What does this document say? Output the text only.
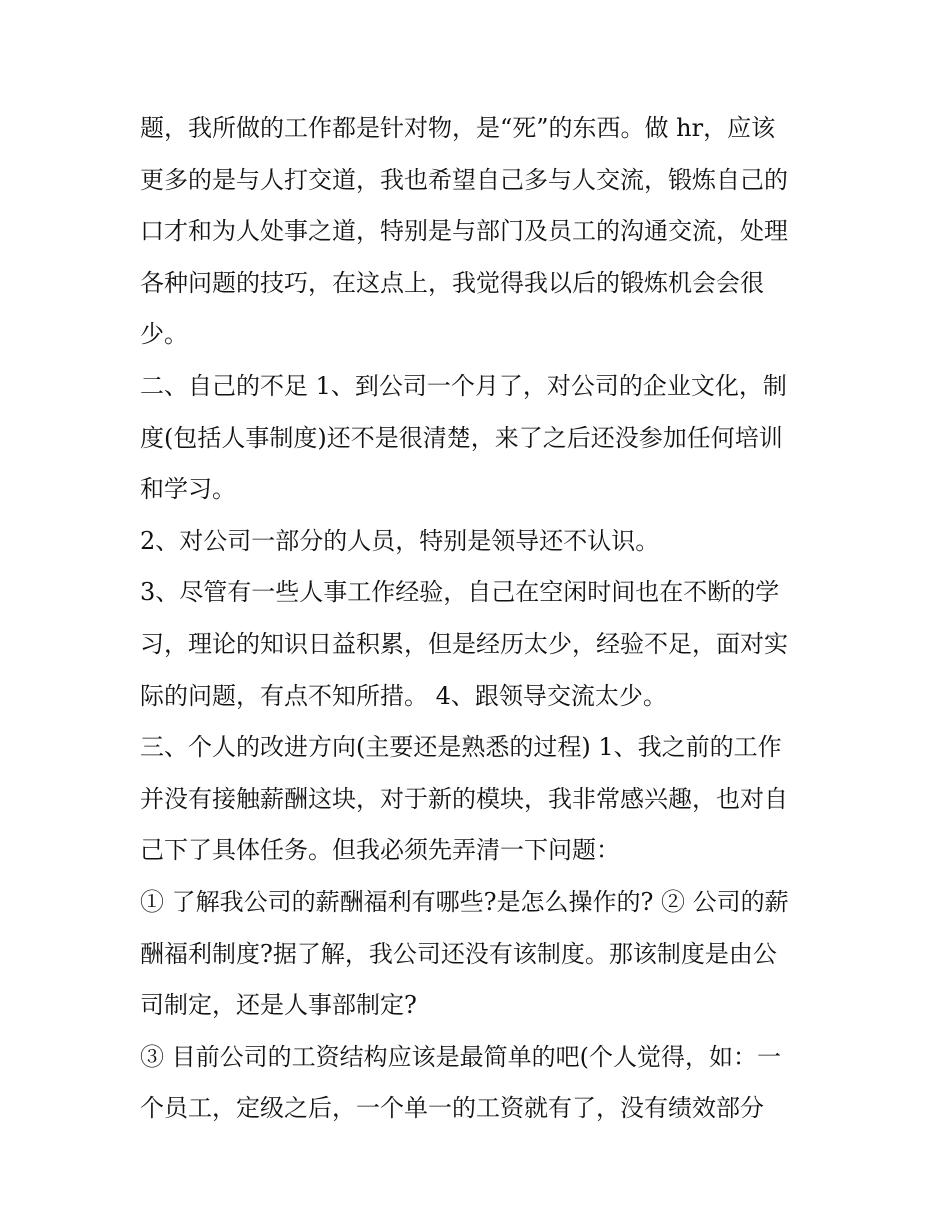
题，我所做的工作都是针对物，是“死”的东西。做 hr，应该
更多的是与人打交道，我也希望自己多与人交流，锻炼自己的
口才和为人处事之道，特别是与部门及员工的沟通交流，处理
各种问题的技巧，在这点上，我觉得我以后的锻炼机会会很
少。
二、自己的不足 1、到公司一个月了，对公司的企业文化，制
度(包括人事制度)还不是很清楚，来了之后还没参加任何培训
和学习。
2、对公司一部分的人员，特别是领导还不认识。
3、尽管有一些人事工作经验，自己在空闲时间也在不断的学
习，理论的知识日益积累，但是经历太少，经验不足，面对实
际的问题，有点不知所措。 4、跟领导交流太少。
三、个人的改进方向(主要还是熟悉的过程) 1、我之前的工作
并没有接触薪酬这块，对于新的模块，我非常感兴趣，也对自
己下了具体任务。但我必须先弄清一下问题：
① 了解我公司的薪酬福利有哪些?是怎么操作的? ② 公司的薪
酬福利制度?据了解，我公司还没有该制度。那该制度是由公
司制定，还是人事部制定?
③ 目前公司的工资结构应该是最简单的吧(个人觉得，如：一
个员工，定级之后，一个单一的工资就有了，没有绩效部分
